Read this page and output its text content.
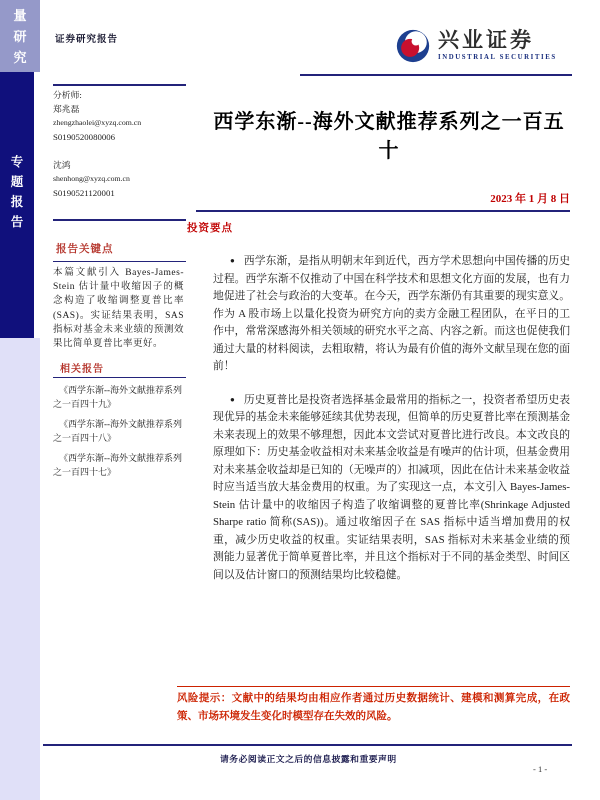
量
研
究
专
题
报
告
证券研究报告	兴业证券
INDUSTRIAL SECURITIES
分析师:
郑兆磊
zhengzhaolei@xyzq.com.cn
S0190520080006
沈鸿
shenhong@xyzq.com.cn
S0190521120001
西学东渐--海外文献推荐系列之一百五十
2023 年 1 月 8 日
投资要点
报告关键点
本篇文献引入 Bayes-James-Stein 估计量中收缩因子的概念构造了收缩调整夏普比率(SAS)。实证结果表明，SAS 指标对基金未来业绩的预测效果比简单夏普比率更好。
相关报告

《西学东渐--海外文献推荐系列之一百四十九》

《西学东渐--海外文献推荐系列之一百四十八》

《西学东渐--海外文献推荐系列之一百四十七》

● 西学东渐，是指从明朝末年到近代，西方学术思想向中国传播的历史过程。西学东渐不仅推动了中国在科学技术和思想文化方面的发展，也有力地促进了社会与政治的大变革。在今天，西学东渐仍有其重要的现实意义。作为 A 股市场上以量化投资为研究方向的卖方金融工程团队，在平日的工作中，常常深感海外相关领域的研究水平之高、内容之新。而这也促使我们通过大量的材料阅读，去粗取精，将认为最有价值的海外文献呈现在您的面前！

● 历史夏普比是投资者选择基金最常用的指标之一，投资者希望历史表现优异的基金未来能够延续其优势表现，但简单的历史夏普比率在预测基金未来表现上的效果不够理想，因此本文尝试对夏普比进行改良。本文改良的原理如下：历史基金收益相对未来基金收益是有噪声的估计项，但基金费用对未来基金收益却是已知的（无噪声的）扣减项，因此在估计未来基金收益时应当适当放大基金费用的权重。为了实现这一点，本文引入 Bayes-James-Stein 估计量中的收缩因子构造了收缩调整的夏普比率(Shrinkage Adjusted Sharpe ratio 简称(SAS))。通过收缩因子在 SAS 指标中适当增加费用的权重，减少历史收益的权重。实证结果表明，SAS 指标对未来基金业绩的预测能力显著优于简单夏普比率，并且这个指标对于不同的基金类型、时间区间以及估计窗口的预测结果均比较稳健。

风险提示：文献中的结果均由相应作者通过历史数据统计、建模和测算完成，在政策、市场环境发生变化时模型存在失效的风险。
请务必阅读正文之后的信息披露和重要声明
- 1 -
